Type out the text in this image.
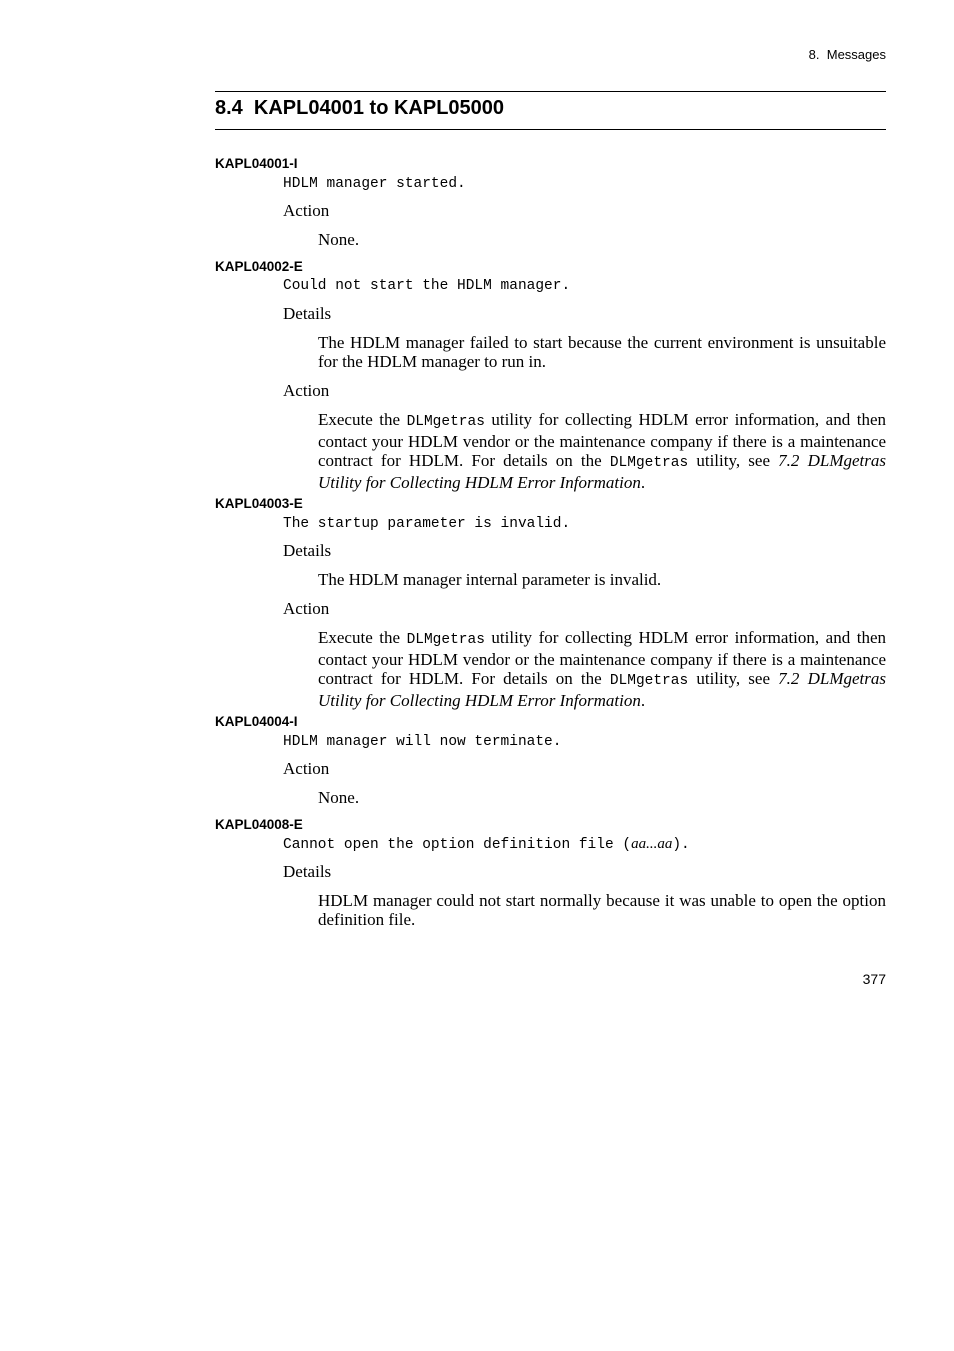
8.  Messages
8.4  KAPL04001 to KAPL05000
KAPL04001-I
HDLM manager started.
Action

None.

KAPL04002-E
Could not start the HDLM manager.
Details

The HDLM manager failed to start because the current environment is unsuitable for the HDLM manager to run in.

Action

Execute the DLMgetras utility for collecting HDLM error information, and then contact your HDLM vendor or the maintenance company if there is a maintenance contract for HDLM. For details on the DLMgetras utility, see 7.2 DLMgetras Utility for Collecting HDLM Error Information.

KAPL04003-E
The startup parameter is invalid.
Details

The HDLM manager internal parameter is invalid.

Action

Execute the DLMgetras utility for collecting HDLM error information, and then contact your HDLM vendor or the maintenance company if there is a maintenance contract for HDLM. For details on the DLMgetras utility, see 7.2 DLMgetras Utility for Collecting HDLM Error Information.

KAPL04004-I
HDLM manager will now terminate.
Action

None.

KAPL04008-E
Cannot open the option definition file (aa...aa).
Details

HDLM manager could not start normally because it was unable to open the option definition file.

377
